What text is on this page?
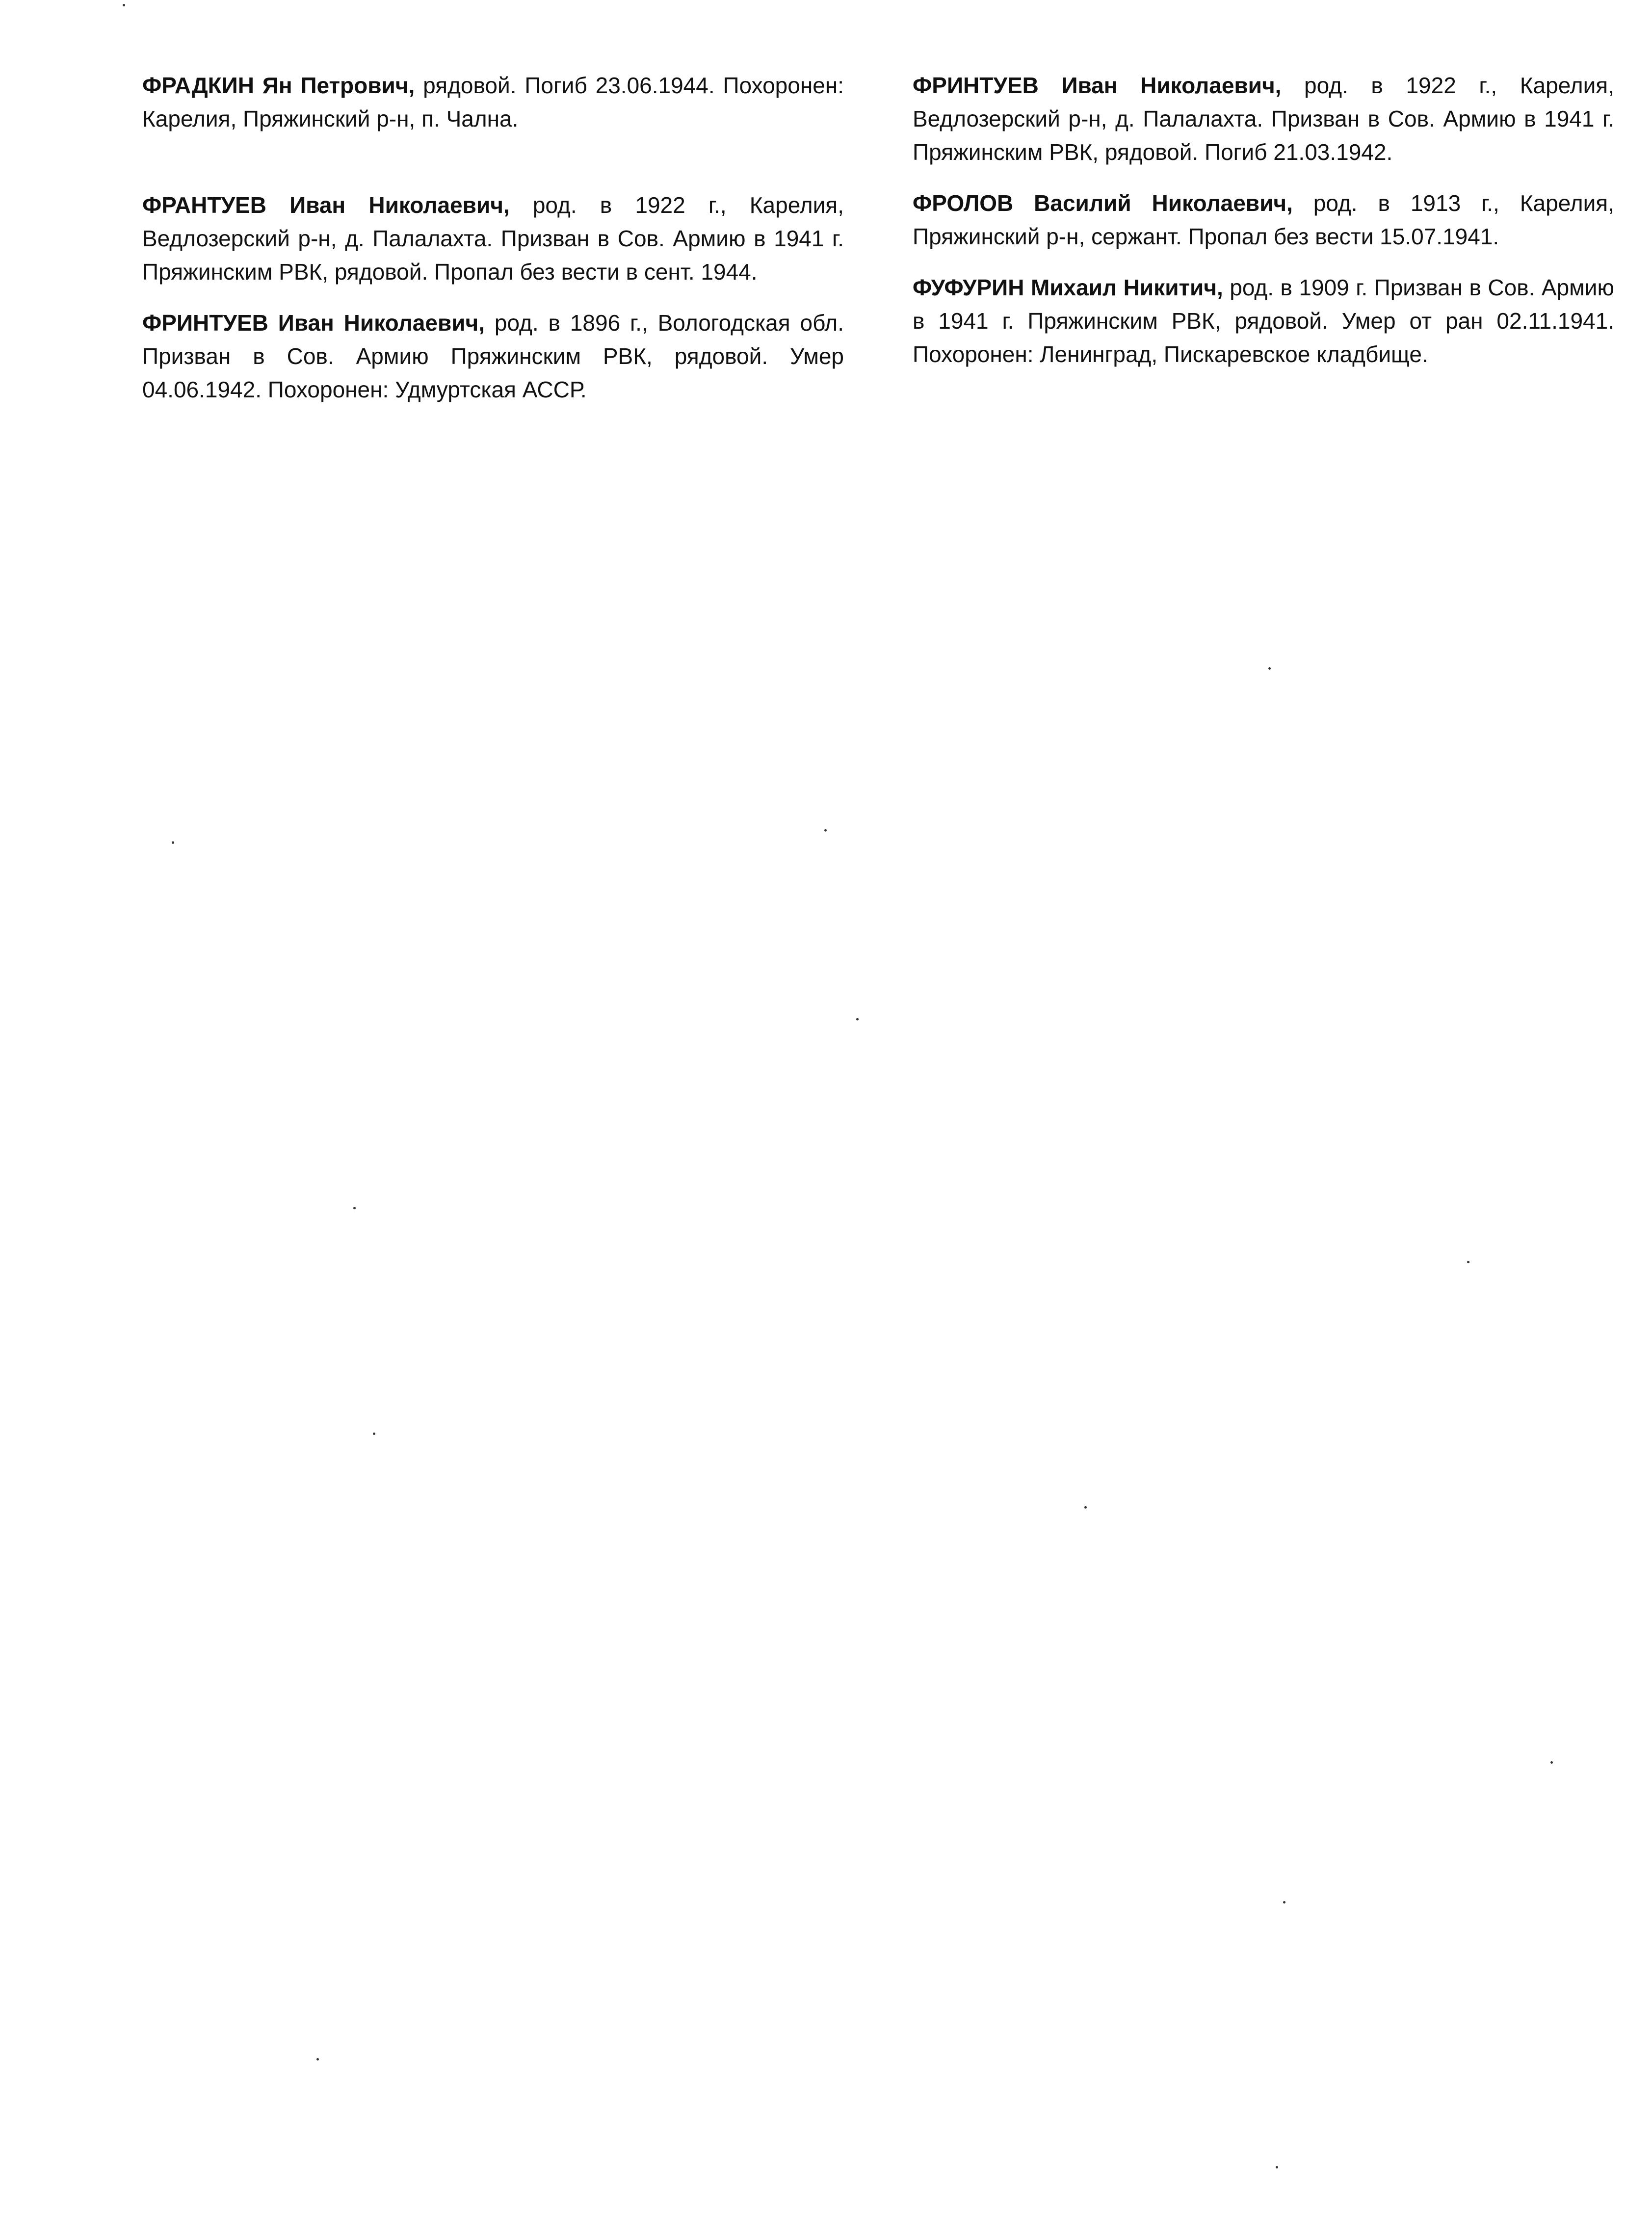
ФРАДКИН Ян Петрович, рядовой. Погиб 23.06.1944. Похоронен: Карелия, Пряжинский р-н, п. Чална.

ФРАНТУЕВ Иван Николаевич, род. в 1922 г., Карелия, Ведлозерский р-н, д. Палалахта. Призван в Сов. Армию в 1941 г. Пряжинским РВК, рядовой. Пропал без вести в сент. 1944.

ФРИНТУЕВ Иван Николаевич, род. в 1896 г., Вологодская обл. Призван в Сов. Армию Пряжинским РВК, рядовой. Умер 04.06.1942. Похоронен: Удмуртская АССР.

ФРИНТУЕВ Иван Николаевич, род. в 1922 г., Карелия, Ведлозерский р-н, д. Палалахта. Призван в Сов. Армию в 1941 г. Пряжинским РВК, рядовой. Погиб 21.03.1942.

ФРОЛОВ Василий Николаевич, род. в 1913 г., Карелия, Пряжинский р-н, сержант. Пропал без вести 15.07.1941.

ФУФУРИН Михаил Никитич, род. в 1909 г. Призван в Сов. Армию в 1941 г. Пряжинским РВК, рядовой. Умер от ран 02.11.1941. Похоронен: Ленинград, Пискаревское кладбище.
